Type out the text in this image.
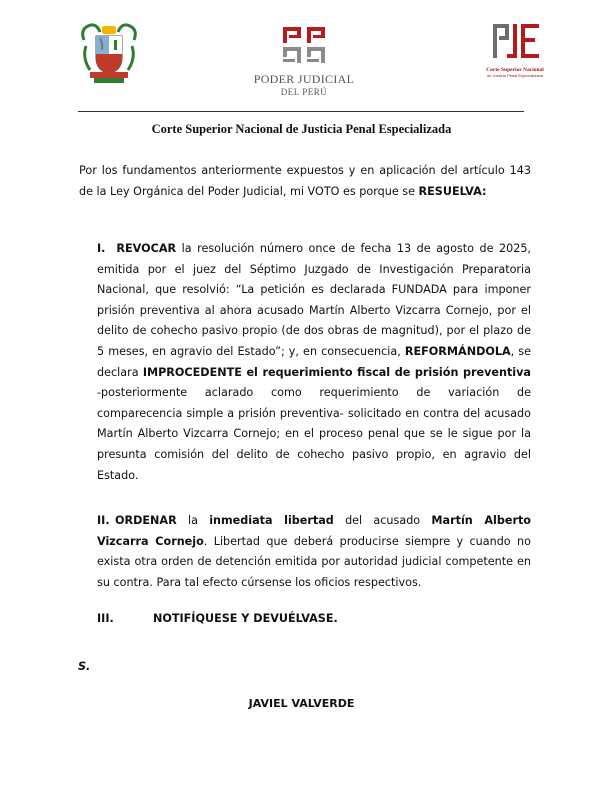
PODER JUDICIAL
DEL PERÚ
Corte Superior Nacional
de Justicia Penal Especializada
Corte Superior Nacional de Justicia Penal Especializada
Por los fundamentos anteriormente expuestos y en aplicación del artículo 143 de la Ley Orgánica del Poder Judicial, mi VOTO es porque se RESUELVA:
I. REVOCAR la resolución número once de fecha 13 de agosto de 2025, emitida por el juez del Séptimo Juzgado de Investigación Preparatoria Nacional, que resolvió: “La petición es declarada FUNDADA para imponer prisión preventiva al ahora acusado Martín Alberto Vizcarra Cornejo, por el delito de cohecho pasivo propio (de dos obras de magnitud), por el plazo de 5 meses, en agravio del Estado”; y, en consecuencia, REFORMÁNDOLA, se declara IMPROCEDENTE el requerimiento fiscal de prisión preventiva -posteriormente aclarado como requerimiento de variación de comparecencia simple a prisión preventiva- solicitado en contra del acusado Martín Alberto Vizcarra Cornejo; en el proceso penal que se le sigue por la presunta comisión del delito de cohecho pasivo propio, en agravio del Estado.
II. ORDENAR la inmediata libertad del acusado Martín Alberto Vizcarra Cornejo. Libertad que deberá producirse siempre y cuando no exista otra orden de detención emitida por autoridad judicial competente en su contra. Para tal efecto cúrsense los oficios respectivos.
III.	NOTIFÍQUESE Y DEVUÉLVASE.
S.
JAVIEL VALVERDE
